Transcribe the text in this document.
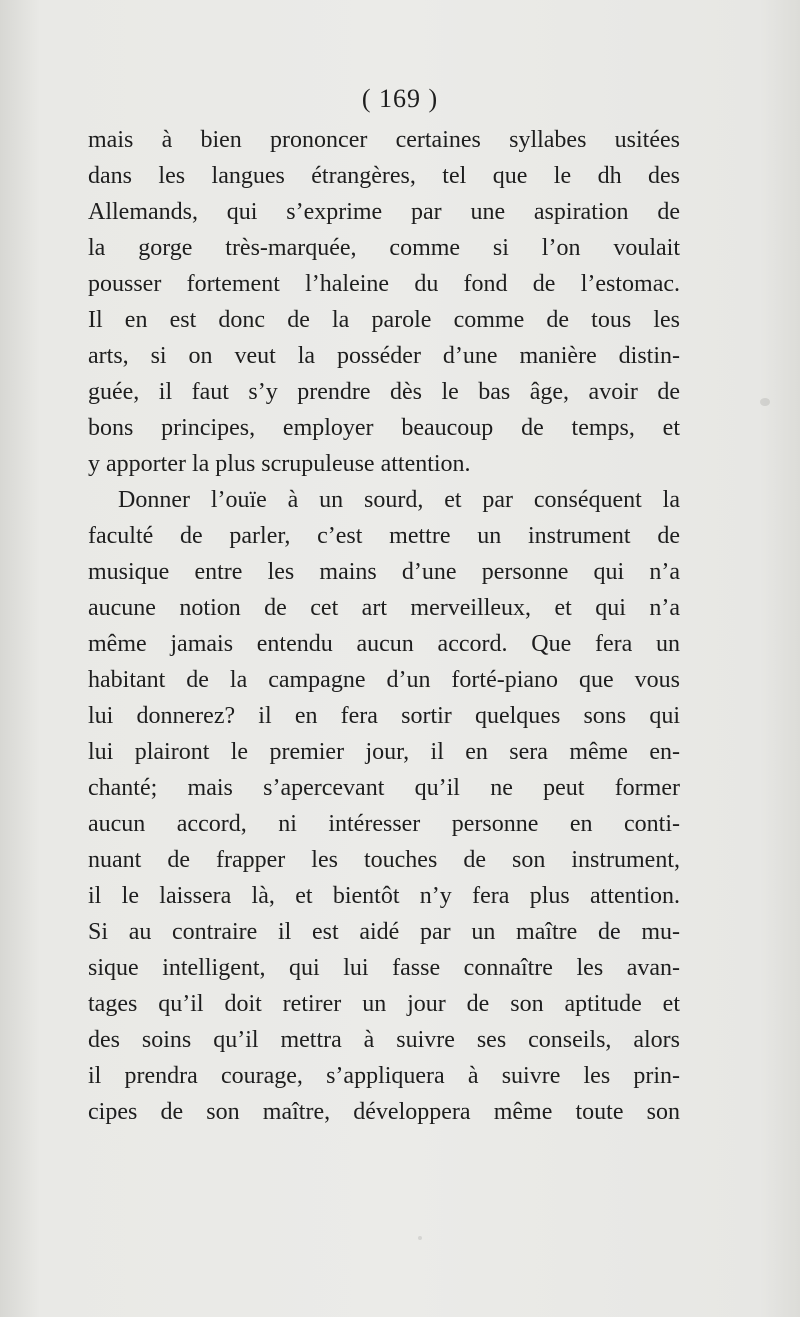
( 169 )
mais à bien prononcer certaines syllabes usitées
dans les langues étrangères, tel que le dh des
Allemands, qui s’exprime par une aspiration de
la gorge très-marquée, comme si l’on voulait
pousser fortement l’haleine du fond de l’estomac.
Il en est donc de la parole comme de tous les
arts, si on veut la posséder d’une manière distin-
guée, il faut s’y prendre dès le bas âge, avoir de
bons principes, employer beaucoup de temps, et
y apporter la plus scrupuleuse attention.
Donner l’ouïe à un sourd, et par conséquent la
faculté de parler, c’est mettre un instrument de
musique entre les mains d’une personne qui n’a
aucune notion de cet art merveilleux, et qui n’a
même jamais entendu aucun accord. Que fera un
habitant de la campagne d’un forté-piano que vous
lui donnerez? il en fera sortir quelques sons qui
lui plairont le premier jour, il en sera même en-
chanté; mais s’apercevant qu’il ne peut former
aucun accord, ni intéresser personne en conti-
nuant de frapper les touches de son instrument,
il le laissera là, et bientôt n’y fera plus attention.
Si au contraire il est aidé par un maître de mu-
sique intelligent, qui lui fasse connaître les avan-
tages qu’il doit retirer un jour de son aptitude et
des soins qu’il mettra à suivre ses conseils, alors
il prendra courage, s’appliquera à suivre les prin-
cipes de son maître, développera même toute son
